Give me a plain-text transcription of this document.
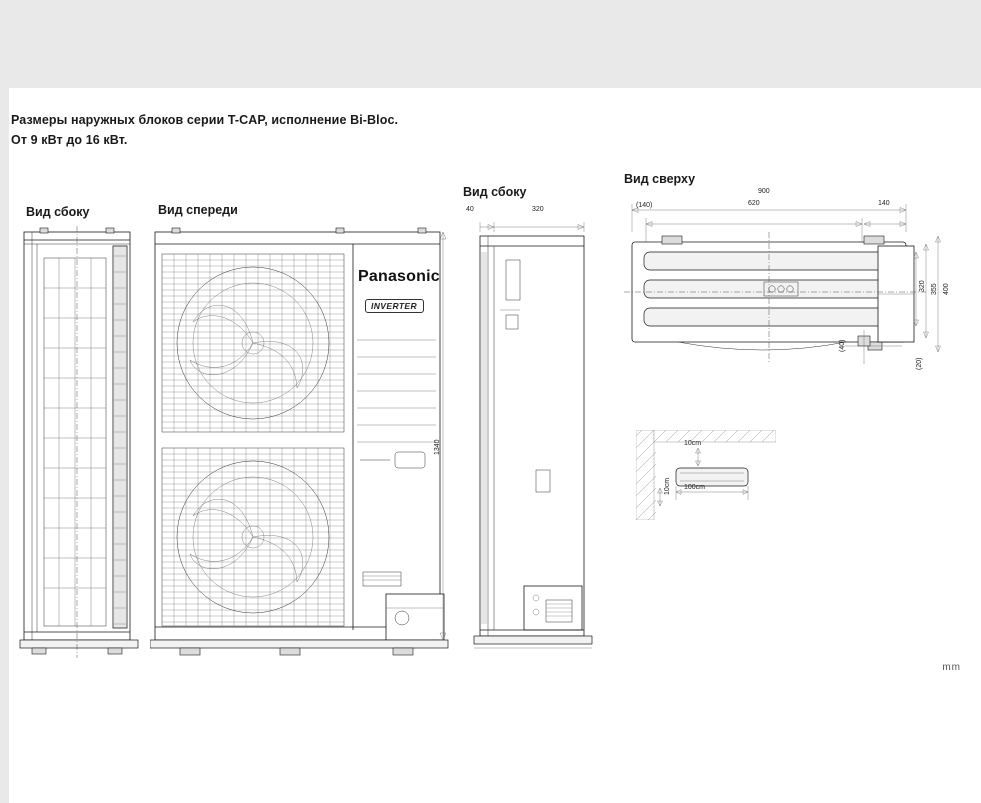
Размеры наружных блоков серии T-CAP, исполнение Bi-Bloc.
От 9 кВт до 16 кВт.
Вид сбоку	Вид спереди
Вид сбоку
Вид сверху
Panasonic
INVERTER
1340
40	320
900
620	140
(140)
320 355 400
(40)
(20)
10cm
10cm 100cm
mm
